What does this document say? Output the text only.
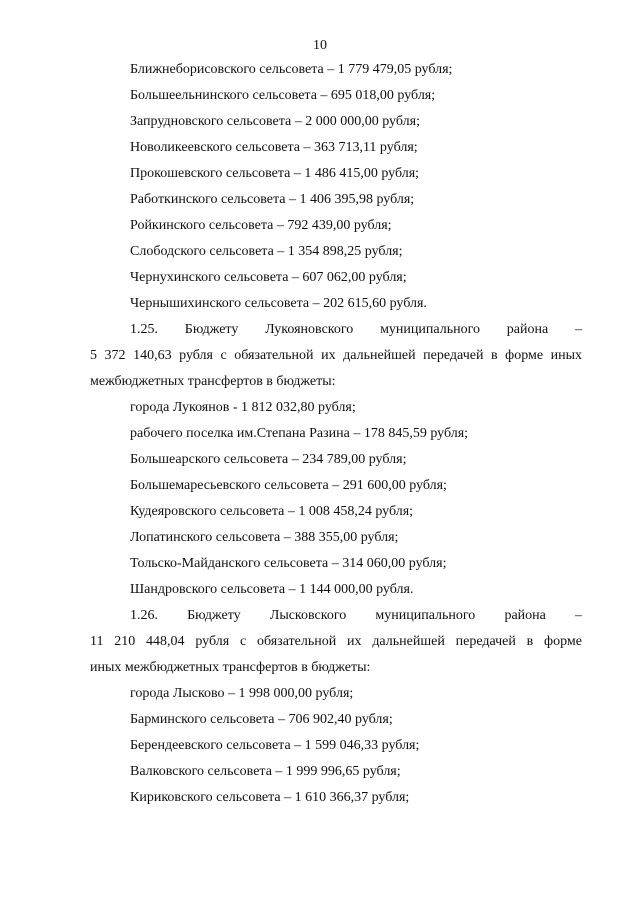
10
Ближнеборисовского сельсовета – 1 779 479,05 рубля;
Большеельнинского сельсовета – 695 018,00 рубля;
Запрудновского сельсовета – 2 000 000,00 рубля;
Новоликеевского сельсовета – 363 713,11 рубля;
Прокошевского сельсовета – 1 486 415,00 рубля;
Работкинского сельсовета – 1 406 395,98 рубля;
Ройкинского сельсовета – 792 439,00 рубля;
Слободского сельсовета – 1 354 898,25 рубля;
Чернухинского сельсовета – 607 062,00 рубля;
Чернышихинского сельсовета – 202 615,60 рубля.
1.25. Бюджету Лукояновского муниципального района –
5 372 140,63 рубля с обязательной их дальнейшей передачей в форме иных
межбюджетных трансфертов в бюджеты:
города Лукоянов - 1 812 032,80 рубля;
рабочего поселка им.Степана Разина – 178 845,59 рубля;
Большеарского сельсовета – 234 789,00 рубля;
Большемаресьевского сельсовета – 291 600,00 рубля;
Кудеяровского сельсовета – 1 008 458,24 рубля;
Лопатинского сельсовета – 388 355,00 рубля;
Тольско-Майданского сельсовета – 314 060,00 рубля;
Шандровского сельсовета – 1 144 000,00 рубля.
1.26. Бюджету Лысковского муниципального района –
11 210 448,04 рубля с обязательной их дальнейшей передачей в форме
иных межбюджетных трансфертов в бюджеты:
города Лысково – 1 998 000,00 рубля;
Барминского сельсовета – 706 902,40 рубля;
Берендеевского сельсовета – 1 599 046,33 рубля;
Валковского сельсовета – 1 999 996,65 рубля;
Кириковского сельсовета – 1 610 366,37 рубля;
